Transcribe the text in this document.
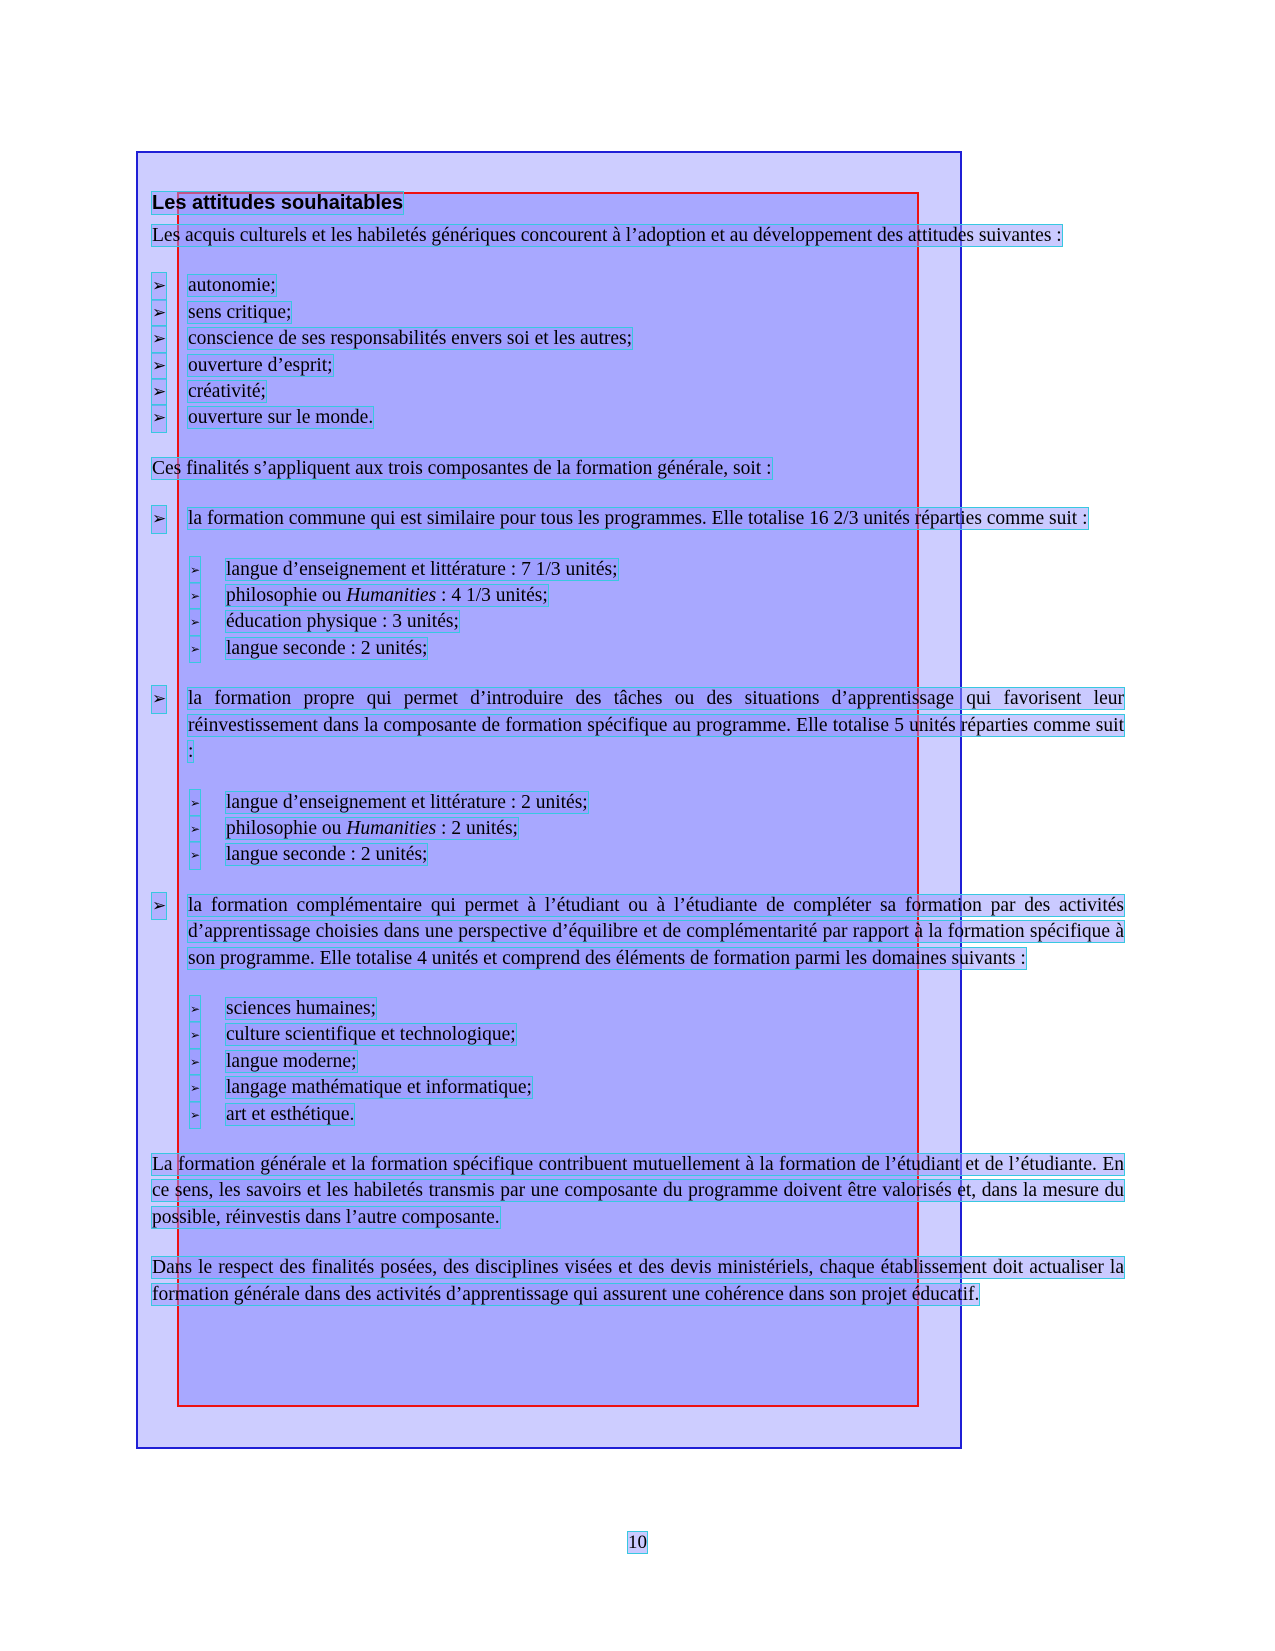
Les attitudes souhaitables

Les acquis culturels et les habiletés génériques concourent à l’adoption et au développement des attitudes suivantes :

➢ autonomie;
➢ sens critique;
➢ conscience de ses responsabilités envers soi et les autres;
➢ ouverture d’esprit;
➢ créativité;
➢ ouverture sur le monde.

Ces finalités s’appliquent aux trois composantes de la formation générale, soit :

➢ la formation commune qui est similaire pour tous les programmes. Elle totalise 16 2/3 unités réparties comme suit :
➢ langue d’enseignement et littérature : 7 1/3 unités;
➢ philosophie ou Humanities : 4 1/3 unités;
➢ éducation physique : 3 unités;
➢ langue seconde : 2 unités;
➢ la formation propre qui permet d’introduire des tâches ou des situations d’apprentissage qui favorisent leur réinvestissement dans la composante de formation spécifique au programme. Elle totalise 5 unités réparties comme suit :
➢ langue d’enseignement et littérature : 2 unités;
➢ philosophie ou Humanities : 2 unités;
➢ langue seconde : 2 unités;
➢ la formation complémentaire qui permet à l’étudiant ou à l’étudiante de compléter sa formation par des activités d’apprentissage choisies dans une perspective d’équilibre et de complémentarité par rapport à la formation spécifique à son programme. Elle totalise 4 unités et comprend des éléments de formation parmi les domaines suivants :
➢ sciences humaines;
➢ culture scientifique et technologique;
➢ langue moderne;
➢ langage mathématique et informatique;
➢ art et esthétique.

La formation générale et la formation spécifique contribuent mutuellement à la formation de l’étudiant et de l’étudiante. En ce sens, les savoirs et les habiletés transmis par une composante du programme doivent être valorisés et, dans la mesure du possible, réinvestis dans l’autre composante.

Dans le respect des finalités posées, des disciplines visées et des devis ministériels, chaque établissement doit actualiser la formation générale dans des activités d’apprentissage qui assurent une cohérence dans son projet éducatif.

10
